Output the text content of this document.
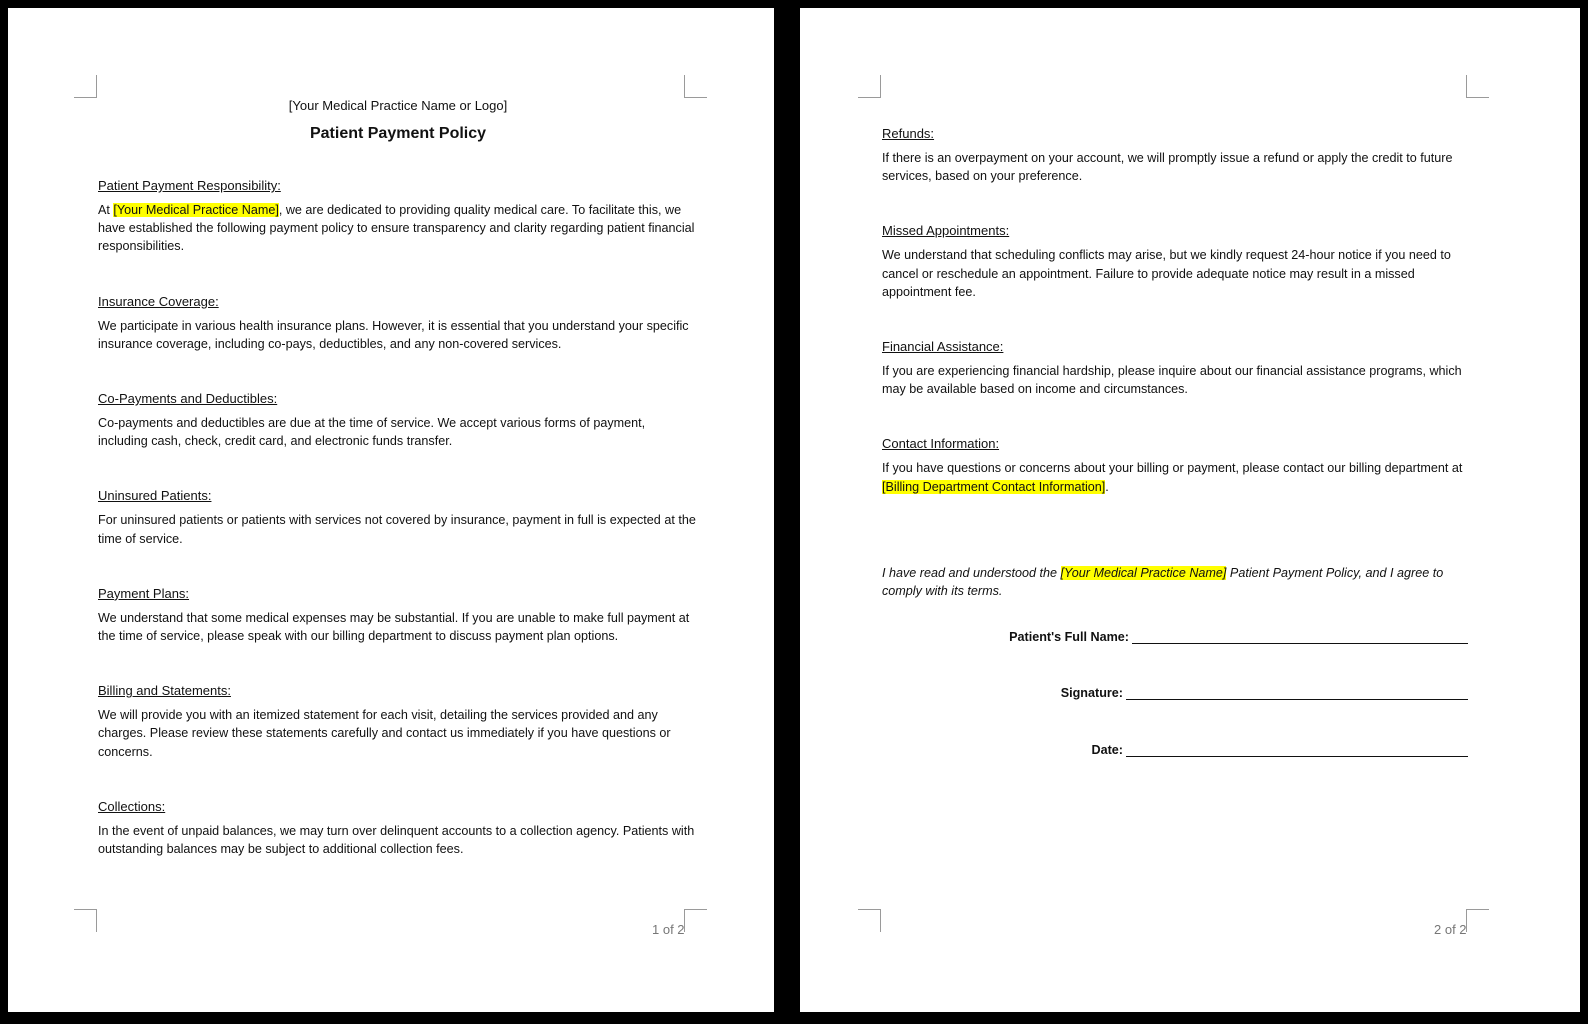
[Your Medical Practice Name or Logo]

Patient Payment Policy

Patient Payment Responsibility:

At [Your Medical Practice Name], we are dedicated to providing quality medical care. To facilitate this, we have established the following payment policy to ensure transparency and clarity regarding patient financial responsibilities.

Insurance Coverage:

We participate in various health insurance plans. However, it is essential that you understand your specific insurance coverage, including co-pays, deductibles, and any non-covered services.

Co-Payments and Deductibles:

Co-payments and deductibles are due at the time of service. We accept various forms of payment, including cash, check, credit card, and electronic funds transfer.

Uninsured Patients:

For uninsured patients or patients with services not covered by insurance, payment in full is expected at the time of service.

Payment Plans:

We understand that some medical expenses may be substantial. If you are unable to make full payment at the time of service, please speak with our billing department to discuss payment plan options.

Billing and Statements:

We will provide you with an itemized statement for each visit, detailing the services provided and any charges. Please review these statements carefully and contact us immediately if you have questions or concerns.

Collections:

In the event of unpaid balances, we may turn over delinquent accounts to a collection agency. Patients with outstanding balances may be subject to additional collection fees.

1 of 2

Refunds:

If there is an overpayment on your account, we will promptly issue a refund or apply the credit to future services, based on your preference.

Missed Appointments:

We understand that scheduling conflicts may arise, but we kindly request 24-hour notice if you need to cancel or reschedule an appointment. Failure to provide adequate notice may result in a missed appointment fee.

Financial Assistance:

If you are experiencing financial hardship, please inquire about our financial assistance programs, which may be available based on income and circumstances.

Contact Information:

If you have questions or concerns about your billing or payment, please contact our billing department at [Billing Department Contact Information].

I have read and understood the [Your Medical Practice Name] Patient Payment Policy, and I agree to comply with its terms.

Patient's Full Name:
Signature:
Date:
2 of 2
